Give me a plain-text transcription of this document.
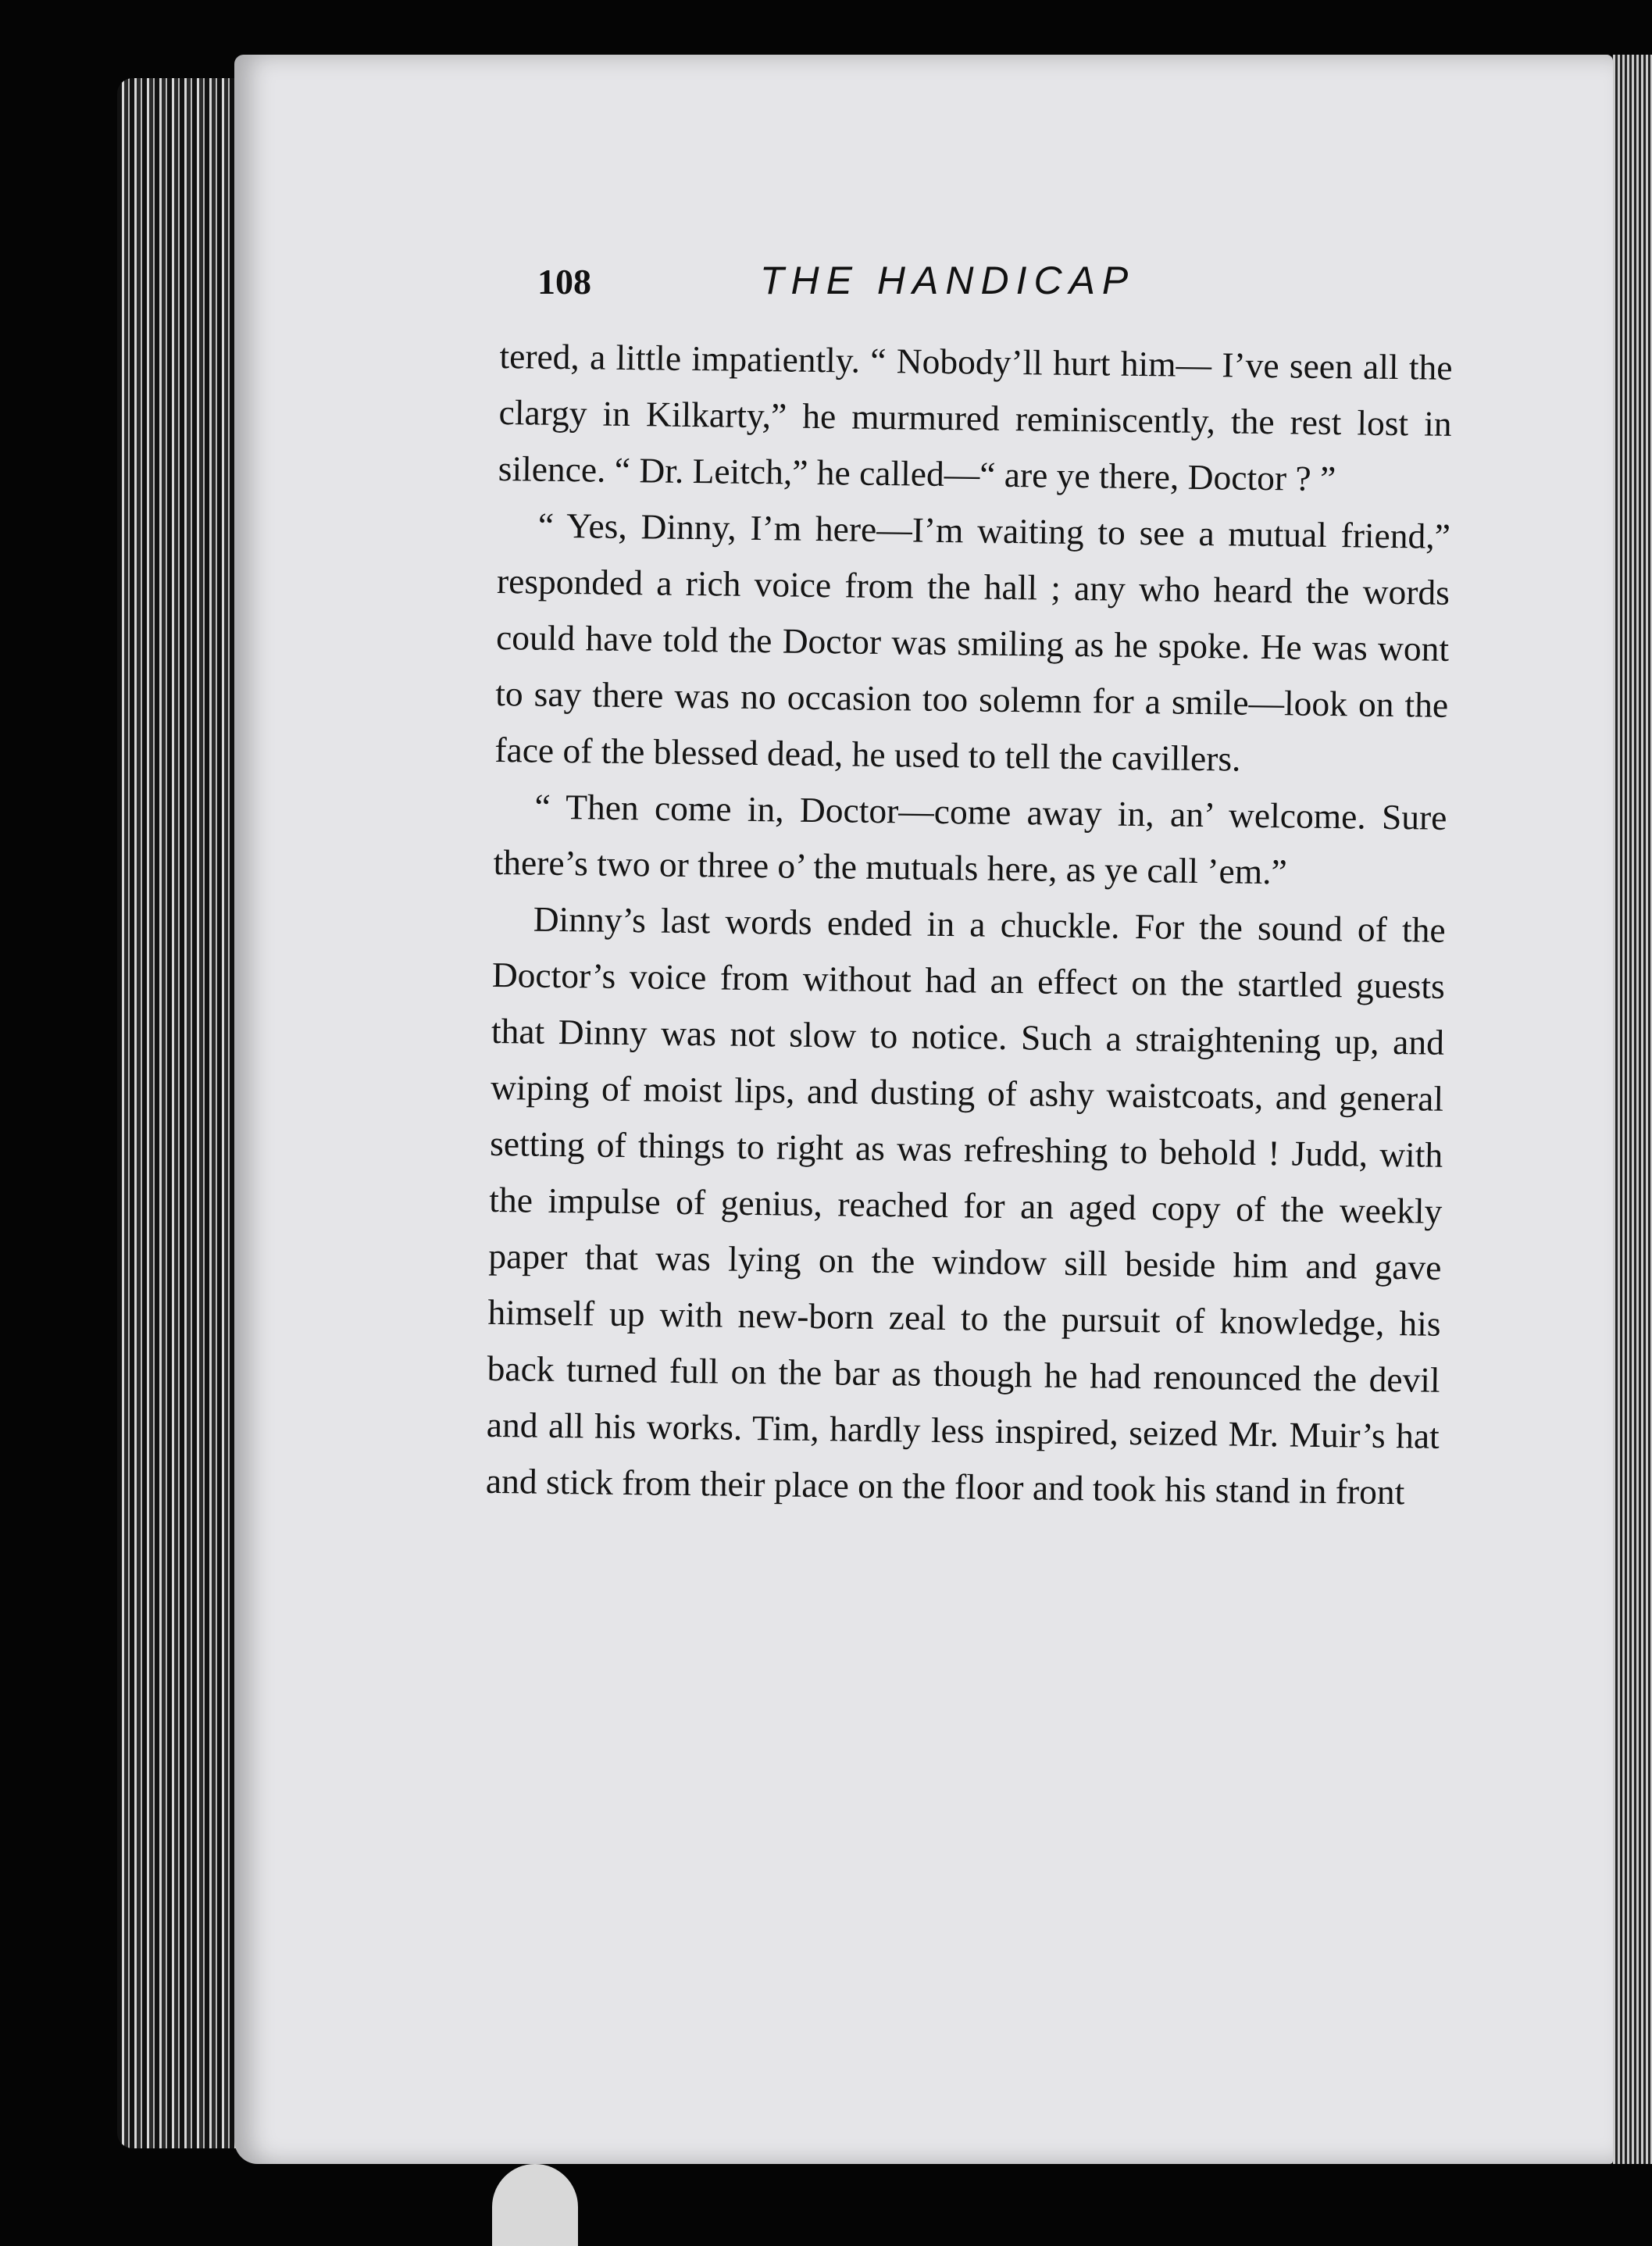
108	THE HANDICAP

tered, a little impatiently. “ Nobody’ll hurt him— I’ve seen all the clargy in Kilkarty,” he murmured reminiscently, the rest lost in silence. “ Dr. Leitch,” he called—“ are ye there, Doctor ? ”

“ Yes, Dinny, I’m here—I’m waiting to see a mutual friend,” responded a rich voice from the hall ; any who heard the words could have told the Doctor was smiling as he spoke. He was wont to say there was no occasion too solemn for a smile—look on the face of the blessed dead, he used to tell the cavillers.

“ Then come in, Doctor—come away in, an’ welcome. Sure there’s two or three o’ the mutuals here, as ye call ’em.”

Dinny’s last words ended in a chuckle. For the sound of the Doctor’s voice from without had an effect on the startled guests that Dinny was not slow to notice. Such a straightening up, and wiping of moist lips, and dusting of ashy waistcoats, and general setting of things to right as was refreshing to behold ! Judd, with the impulse of genius, reached for an aged copy of the weekly paper that was lying on the window sill beside him and gave himself up with new-born zeal to the pursuit of knowledge, his back turned full on the bar as though he had renounced the devil and all his works. Tim, hardly less inspired, seized Mr. Muir’s hat and stick from their place on the floor and took his stand in front
